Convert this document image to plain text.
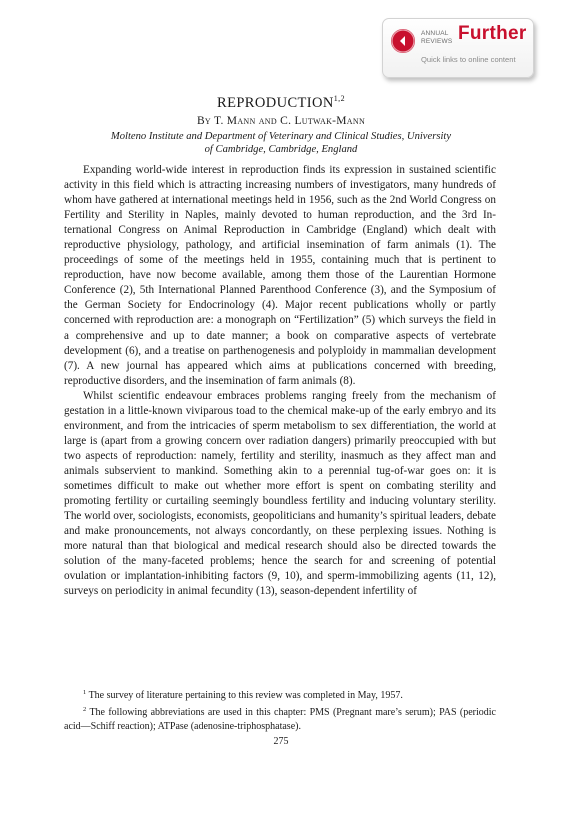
ANNUAL
REVIEWS Further
Quick links to online content
REPRODUCTION$^{1,2}$
By T. Mann and C. Lutwak-Mann
Molteno Institute and Department of Veterinary and Clinical Studies, University
of Cambridge, Cambridge, England

Expanding world-wide interest in reproduction finds its expression in sustained scientific activity in this field which is attracting increasing numbers of investigators, many hundreds of whom have gathered at international meetings held in 1956, such as the 2nd World Congress on Fertility and Sterility in Naples, mainly devoted to human reproduction, and the 3rd International Congress on Animal Reproduction in Cambridge (England) which dealt with reproductive physiology, pathology, and artificial insemination of farm animals (1). The proceedings of some of the meetings held in 1955, containing much that is pertinent to reproduction, have now become available, among them those of the Laurentian Hormone Conference (2), 5th International Planned Parenthood Conference (3), and the Symposium of the German Society for Endocrinology (4). Major recent publications wholly or partly concerned with reproduction are: a monograph on “Fertilization” (5) which surveys the field in a comprehensive and up to date manner; a book on comparative aspects of vertebrate development (6), and a treatise on parthenogenesis and polyploidy in mammalian development (7). A new journal has appeared which aims at publications concerned with breeding, reproductive disorders, and the insemination of farm animals (8).

Whilst scientific endeavour embraces problems ranging freely from the mechanism of gestation in a little-known viviparous toad to the chemical make-up of the early embryo and its environment, and from the intricacies of sperm metabolism to sex differentiation, the world at large is (apart from a growing concern over radiation dangers) primarily preoccupied with but two aspects of reproduction: namely, fertility and sterility, inasmuch as they affect man and animals subservient to mankind. Something akin to a perennial tug-of-war goes on: it is sometimes difficult to make out whether more effort is spent on combating sterility and promoting fertility or curtailing seemingly boundless fertility and inducing voluntary sterility. The world over, sociologists, economists, geopoliticians and humanity’s spiritual leaders, debate and make pronouncements, not always concordantly, on these perplexing issues. Nothing is more natural than that biological and medical research should also be directed towards the solution of the many-faceted problems; hence the search for and screening of potential ovulation or implantation-inhibiting factors (9, 10), and sperm-immobilizing agents (11, 12), surveys on periodicity in animal fecundity (13), season-dependent infertility of

$^1$ The survey of literature pertaining to this review was completed in May, 1957.

$^2$ The following abbreviations are used in this chapter: PMS (Pregnant mare’s serum); PAS (periodic acid—Schiff reaction); ATPase (adenosine-triphosphatase).

275
